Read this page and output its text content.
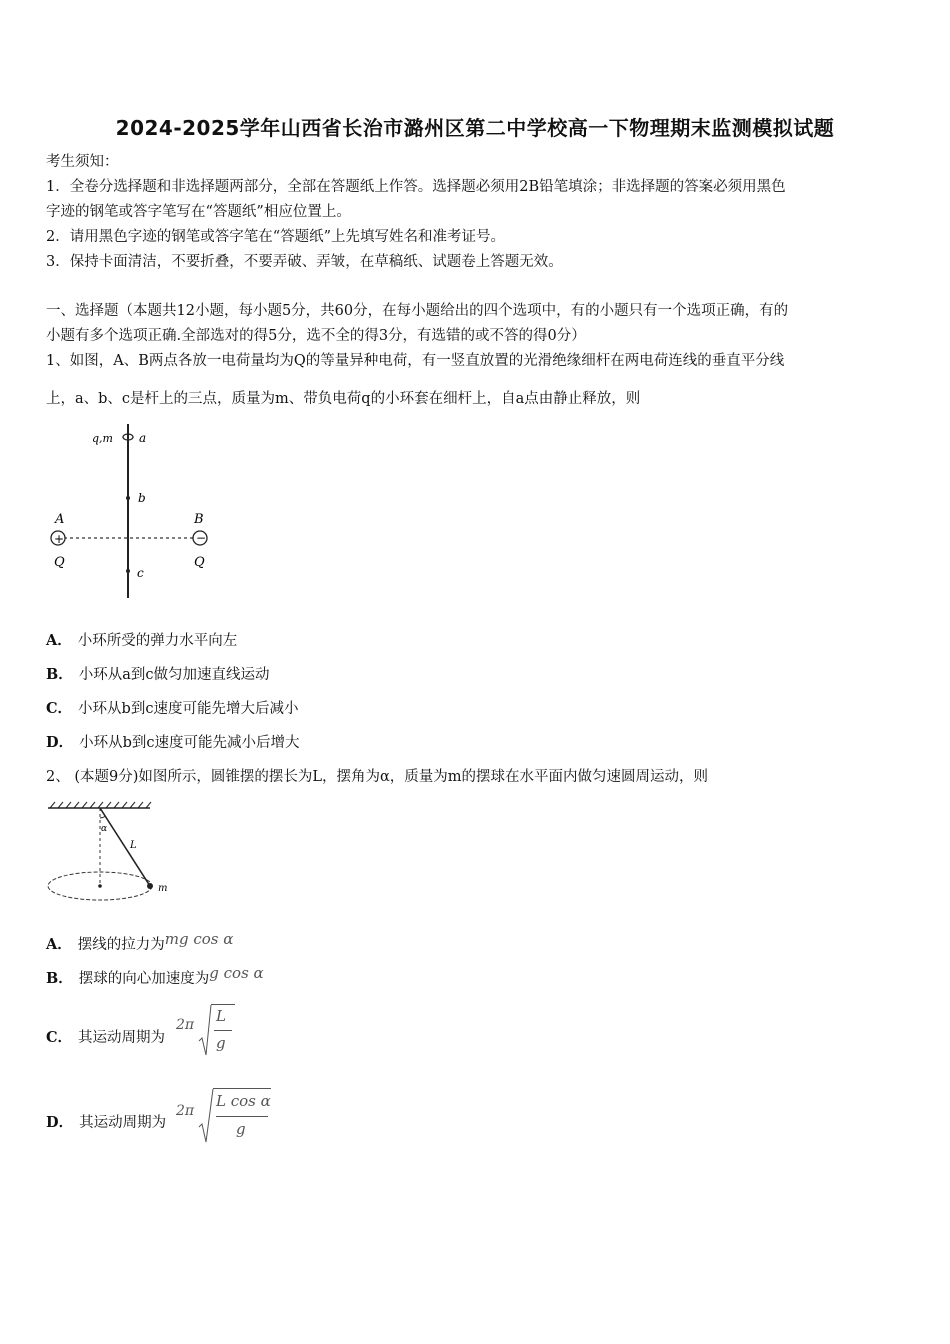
2024-2025学年山西省长治市潞州区第二中学校高一下物理期末监测模拟试题
考生须知：
1．全卷分选择题和非选择题两部分，全部在答题纸上作答。选择题必须用2B铅笔填涂；非选择题的答案必须用黑色
字迹的钢笔或答字笔写在“答题纸”相应位置上。
2．请用黑色字迹的钢笔或答字笔在“答题纸”上先填写姓名和准考证号。
3．保持卡面清洁，不要折叠，不要弄破、弄皱，在草稿纸、试题卷上答题无效。
一、选择题（本题共12小题，每小题5分，共60分，在每小题给出的四个选项中，有的小题只有一个选项正确，有的
小题有多个选项正确.全部选对的得5分，选不全的得3分，有选错的或不答的得0分）
1、如图，A、B两点各放一电荷量均为Q的等量异种电荷，有一竖直放置的光滑绝缘细杆在两电荷连线的垂直平分线
上，a、b、c是杆上的三点，质量为m、带负电荷q的小环套在细杆上，自a点由静止释放，则
+	−
q,m a
b
c
A	B
Q	Q
A． 小环所受的弹力水平向左
B． 小环从a到c做匀加速直线运动
C． 小环从b到c速度可能先增大后减小
D． 小环从b到c速度可能先减小后增大
2、 (本题9分)如图所示，圆锥摆的摆长为L，摆角为α，质量为m的摆球在水平面内做匀速圆周运动，则
α
L
m
A． 摆线的拉力为mg cos α
B． 摆球的向心加速度为g cos α
C． 其运动周期为
2π L
g
D． 其运动周期为
2π
L cos α
g
